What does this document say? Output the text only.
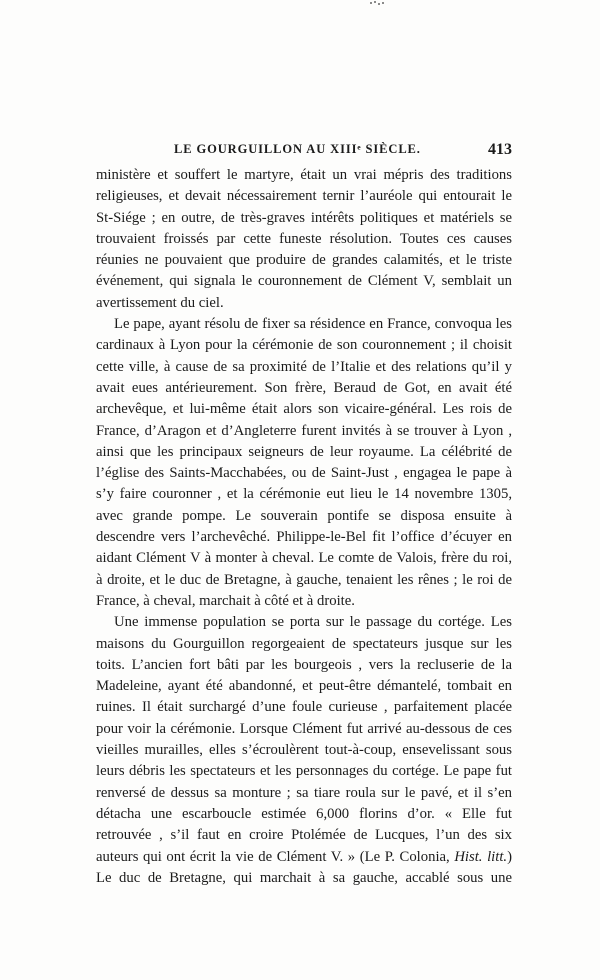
LE GOURGUILLON AU XIIIᵉ SIÈCLE.	413

ministère et souffert le martyre, était un vrai mépris des traditions religieuses, et devait nécessairement ternir l’auréole qui entourait le St-Siége ; en outre, de très-graves intérêts politiques et matériels se trouvaient froissés par cette funeste résolution. Toutes ces causes réunies ne pouvaient que produire de grandes calamités, et le triste événement, qui signala le couronnement de Clément V, semblait un avertissement du ciel.

Le pape, ayant résolu de fixer sa résidence en France, convoqua les cardinaux à Lyon pour la cérémonie de son couronnement ; il choisit cette ville, à cause de sa proximité de l’Italie et des relations qu’il y avait eues antérieurement. Son frère, Beraud de Got, en avait été archevêque, et lui-même était alors son vicaire-général. Les rois de France, d’Aragon et d’Angleterre furent invités à se trouver à Lyon , ainsi que les principaux seigneurs de leur royaume. La célébrité de l’église des Saints-Macchabées, ou de Saint-Just , engagea le pape à s’y faire couronner , et la cérémonie eut lieu le 14 novembre 1305, avec grande pompe. Le souverain pontife se disposa ensuite à descendre vers l’archevêché. Philippe-le-Bel fit l’office d’écuyer en aidant Clément V à monter à cheval. Le comte de Valois, frère du roi, à droite, et le duc de Bretagne, à gauche, tenaient les rênes ; le roi de France, à cheval, marchait à côté et à droite.

Une immense population se porta sur le passage du cortége. Les maisons du Gourguillon regorgeaient de spectateurs jusque sur les toits. L’ancien fort bâti par les bourgeois , vers la recluserie de la Madeleine, ayant été abandonné, et peut-être démantelé, tombait en ruines. Il était surchargé d’une foule curieuse , parfaitement placée pour voir la cérémonie. Lorsque Clément fut arrivé au-dessous de ces vieilles murailles, elles s’écroulèrent tout-à-coup, ensevelissant sous leurs débris les spectateurs et les personnages du cortége. Le pape fut renversé de dessus sa monture ; sa tiare roula sur le pavé, et il s’en détacha une escarboucle estimée 6,000 florins d’or. « Elle fut retrouvée , s’il faut en croire Ptolémée de Lucques, l’un des six auteurs qui ont écrit la vie de Clément V. » (Le P. Colonia, Hist. litt.) Le duc de Bretagne, qui marchait à sa gauche, accablé sous une
